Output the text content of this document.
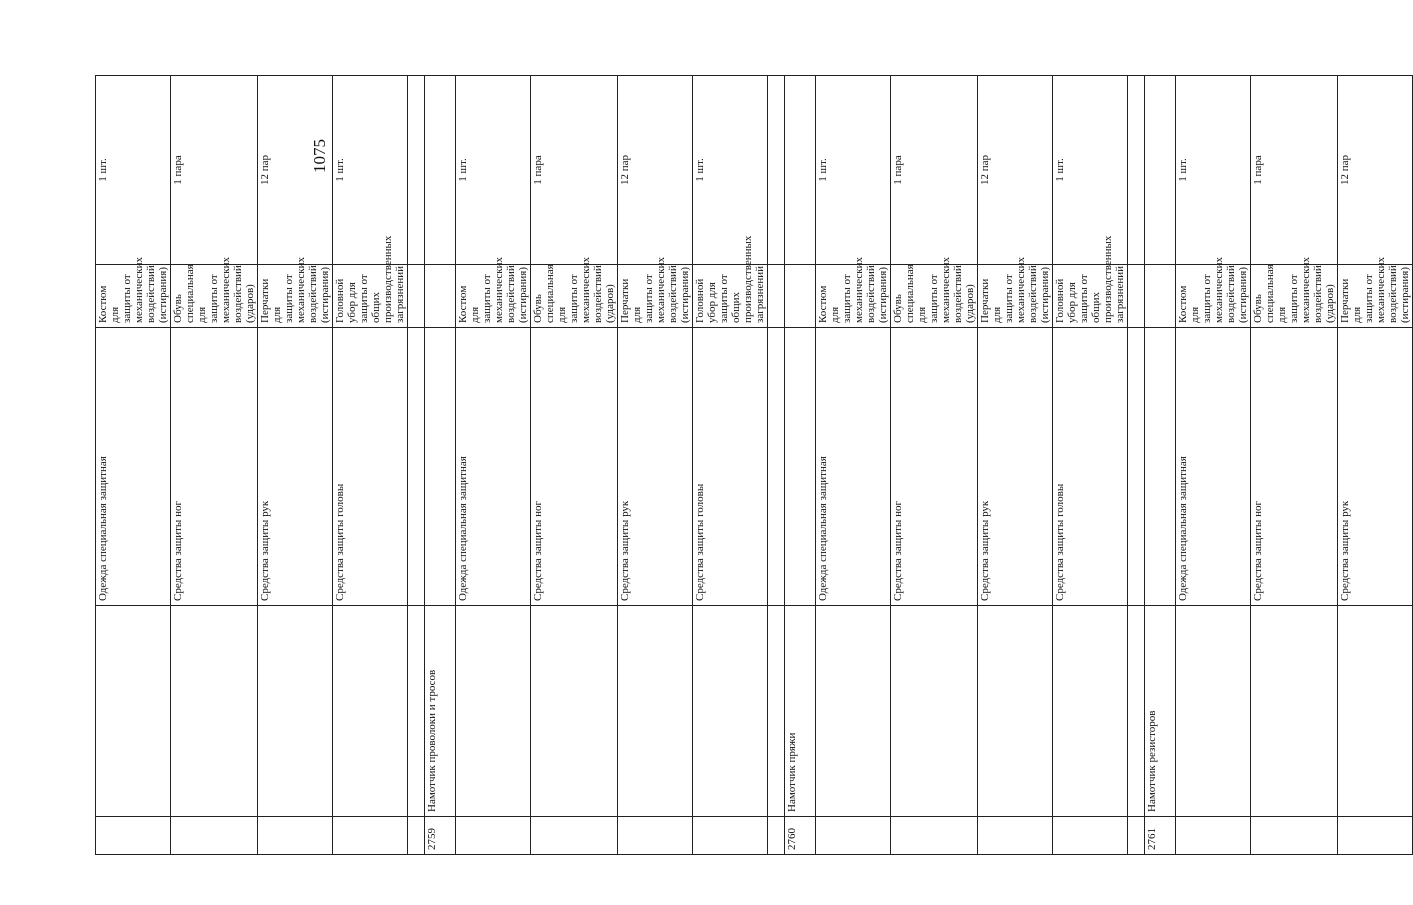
1075
		Одежда специальная защитная	Костюм для защиты от механических воздействий (истирания)	1 шт.
		Средства защиты ног	Обувь специальная для защиты от механических воздействий (ударов)	1 пара
		Средства защиты рук	Перчатки для защиты от механических воздействий (истирания)	12 пар
		Средства защиты головы	Головной убор для защиты от общих производственных загрязнений	1 шт.

2759	Намотчик проволоки и тросов			
		Одежда специальная защитная	Костюм для защиты от механических воздействий (истирания)	1 шт.
		Средства защиты ног	Обувь специальная для защиты от механических воздействий (ударов)	1 пара
		Средства защиты рук	Перчатки для защиты от механических воздействий (истирания)	12 пар
		Средства защиты головы	Головной убор для защиты от общих производственных загрязнений	1 шт.

2760	Намотчик пряжи			
		Одежда специальная защитная	Костюм для защиты от механических воздействий (истирания)	1 шт.
		Средства защиты ног	Обувь специальная для защиты от механических воздействий (ударов)	1 пара
		Средства защиты рук	Перчатки для защиты от механических воздействий (истирания)	12 пар
		Средства защиты головы	Головной убор для защиты от общих производственных загрязнений	1 шт.

2761	Намотчик резисторов			
		Одежда специальная защитная	Костюм для защиты от механических воздействий (истирания)	1 шт.
		Средства защиты ног	Обувь специальная для защиты от механических воздействий (ударов)	1 пара
		Средства защиты рук	Перчатки для защиты от механических воздействий (истирания)	12 пар
